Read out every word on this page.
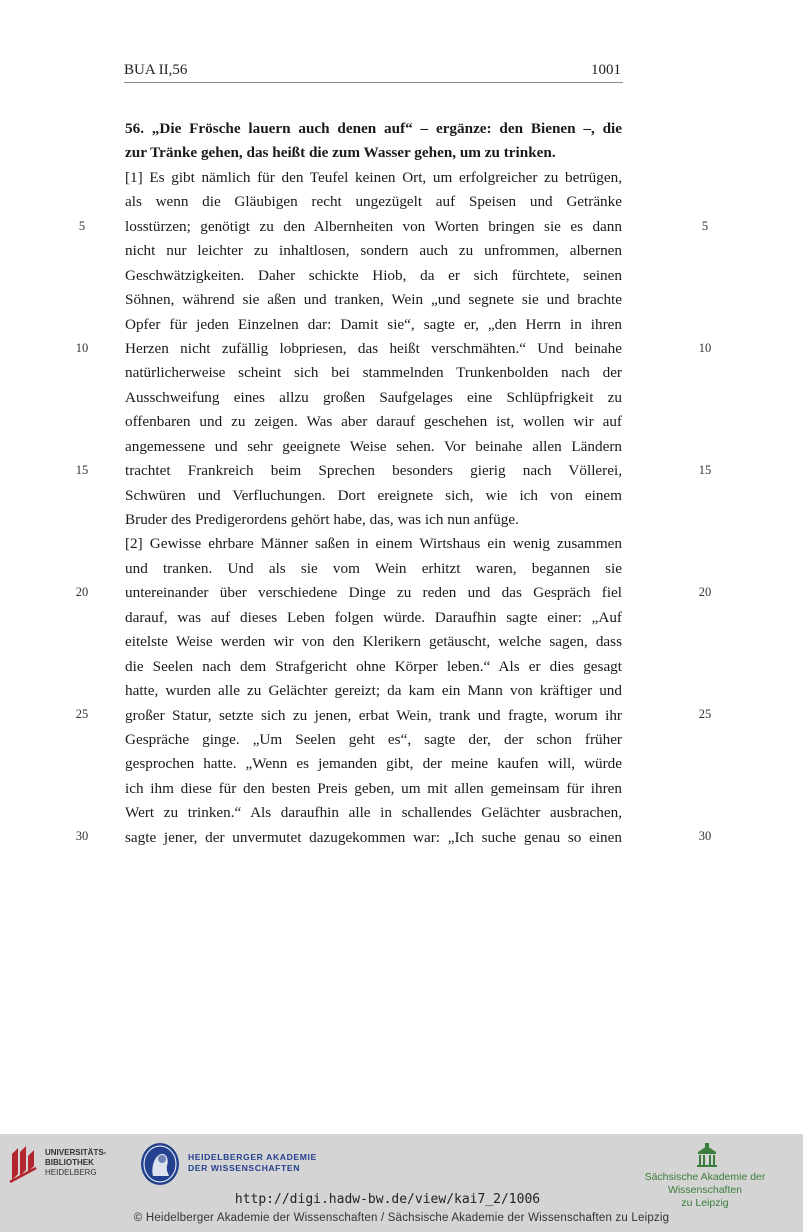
BUA II,56	1001
56. „Die Frösche lauern auch denen auf“ – ergänze: den Bienen –, die
zur Tränke gehen, das heißt die zum Wasser gehen, um zu trinken.
[1] Es gibt nämlich für den Teufel keinen Ort, um erfolgreicher zu betrügen,
als wenn die Gläubigen recht ungezügelt auf Speisen und Getränke
losstürzen; genötigt zu den Albernheiten von Worten bringen sie es dann
nicht nur leichter zu inhaltlosen, sondern auch zu unfrommen, albernen
Geschwätzigkeiten. Daher schickte Hiob, da er sich fürchtete, seinen
Söhnen, während sie aßen und tranken, Wein „und segnete sie und brachte
Opfer für jeden Einzelnen dar: Damit sie“, sagte er, „den Herrn in ihren
Herzen nicht zufällig lobpriesen, das heißt verschmähten.“ Und beinahe
natürlicherweise scheint sich bei stammelnden Trunkenbolden nach der
Ausschweifung eines allzu großen Saufgelages eine Schlüpfrigkeit zu
offenbaren und zu zeigen. Was aber darauf geschehen ist, wollen wir auf
angemessene und sehr geeignete Weise sehen. Vor beinahe allen Ländern
trachtet Frankreich beim Sprechen besonders gierig nach Völlerei,
Schwüren und Verfluchungen. Dort ereignete sich, wie ich von einem
Bruder des Predigerordens gehört habe, das, was ich nun anfüge.
[2] Gewisse ehrbare Männer saßen in einem Wirtshaus ein wenig zusammen
und tranken. Und als sie vom Wein erhitzt waren, begannen sie
untereinander über verschiedene Dinge zu reden und das Gespräch fiel
darauf, was auf dieses Leben folgen würde. Daraufhin sagte einer: „Auf
eitelste Weise werden wir von den Klerikern getäuscht, welche sagen, dass
die Seelen nach dem Strafgericht ohne Körper leben.“ Als er dies gesagt
hatte, wurden alle zu Gelächter gereizt; da kam ein Mann von kräftiger und
großer Statur, setzte sich zu jenen, erbat Wein, trank und fragte, worum ihr
Gespräche ginge. „Um Seelen geht es“, sagte der, der schon früher
gesprochen hatte. „Wenn es jemanden gibt, der meine kaufen will, würde
ich ihm diese für den besten Preis geben, um mit allen gemeinsam für ihren
Wert zu trinken.“ Als daraufhin alle in schallendes Gelächter ausbrachen,
sagte jener, der unvermutet dazugekommen war: „Ich suche genau so einen
5
10
15
20
25
30
5
10
15
20
25
30
UNIVERSITÄTS-
BIBLIOTHEK
HEIDELBERG
HEIDELBERGER AKADEMIE
DER WISSENSCHAFTEN
Sächsische Akademie der Wissenschaften
zu Leipzig
http://digi.hadw-bw.de/view/kai7_2/1006
© Heidelberger Akademie der Wissenschaften / Sächsische Akademie der Wissenschaften zu Leipzig
